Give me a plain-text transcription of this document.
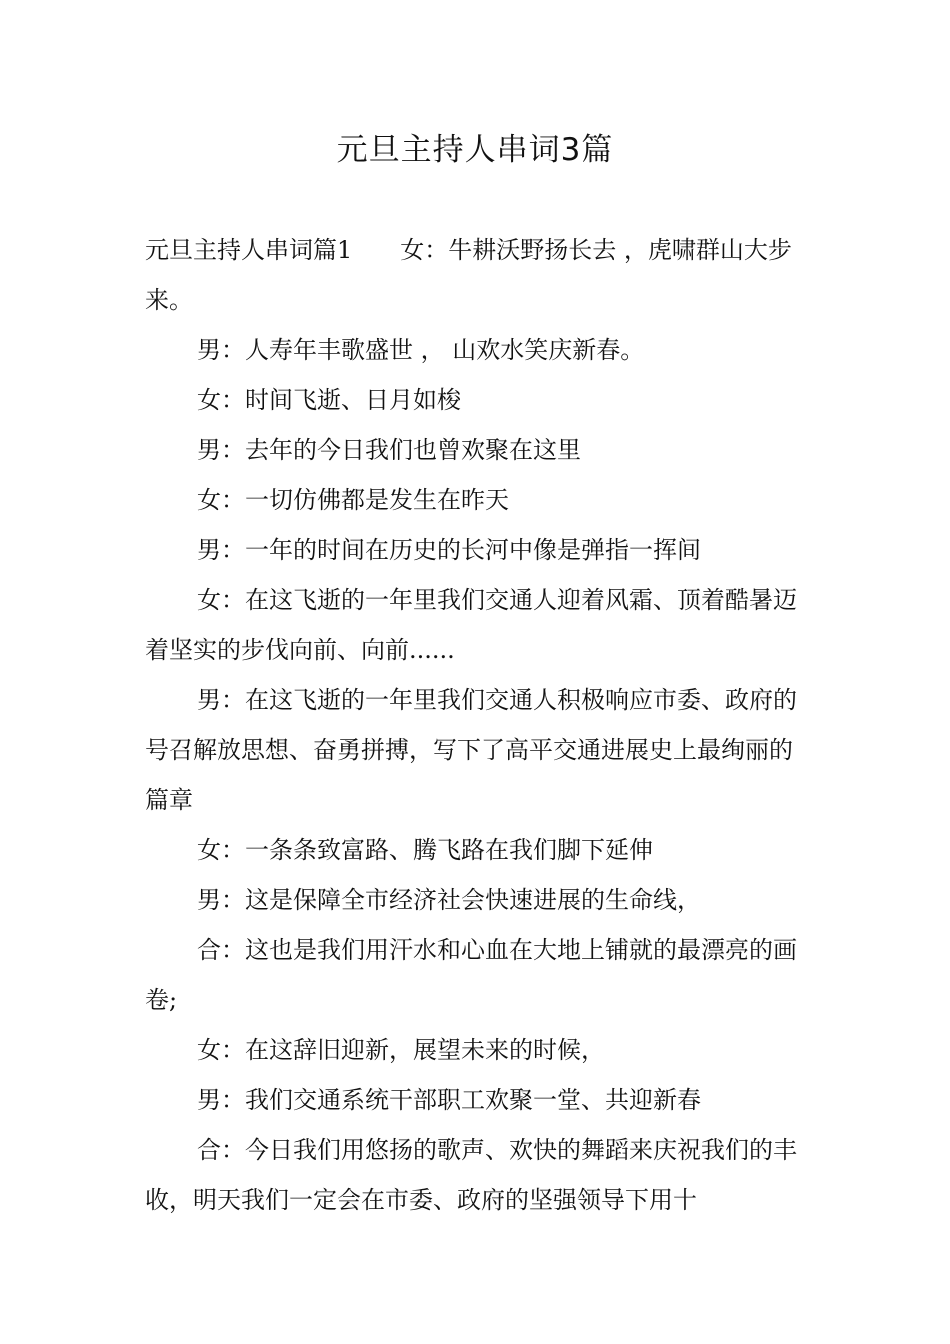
元旦主持人串词3篇

元旦主持人串词篇1 女：牛耕沃野扬长去 ，虎啸群山大步来。

男：人寿年丰歌盛世 ， 山欢水笑庆新春。

女：时间飞逝、日月如梭

男：去年的今日我们也曾欢聚在这里

女：一切仿佛都是发生在昨天

男：一年的时间在历史的长河中像是弹指一挥间

女：在这飞逝的一年里我们交通人迎着风霜、顶着酷暑迈着坚实的步伐向前、向前......

男：在这飞逝的一年里我们交通人积极响应市委、政府的号召解放思想、奋勇拼搏，写下了高平交通进展史上最绚丽的篇章

女：一条条致富路、腾飞路在我们脚下延伸

男：这是保障全市经济社会快速进展的生命线，

合：这也是我们用汗水和心血在大地上铺就的最漂亮的画卷;

女：在这辞旧迎新，展望未来的时候，

男：我们交通系统干部职工欢聚一堂、共迎新春

合：今日我们用悠扬的歌声、欢快的舞蹈来庆祝我们的丰收，明天我们一定会在市委、政府的坚强领导下用十
